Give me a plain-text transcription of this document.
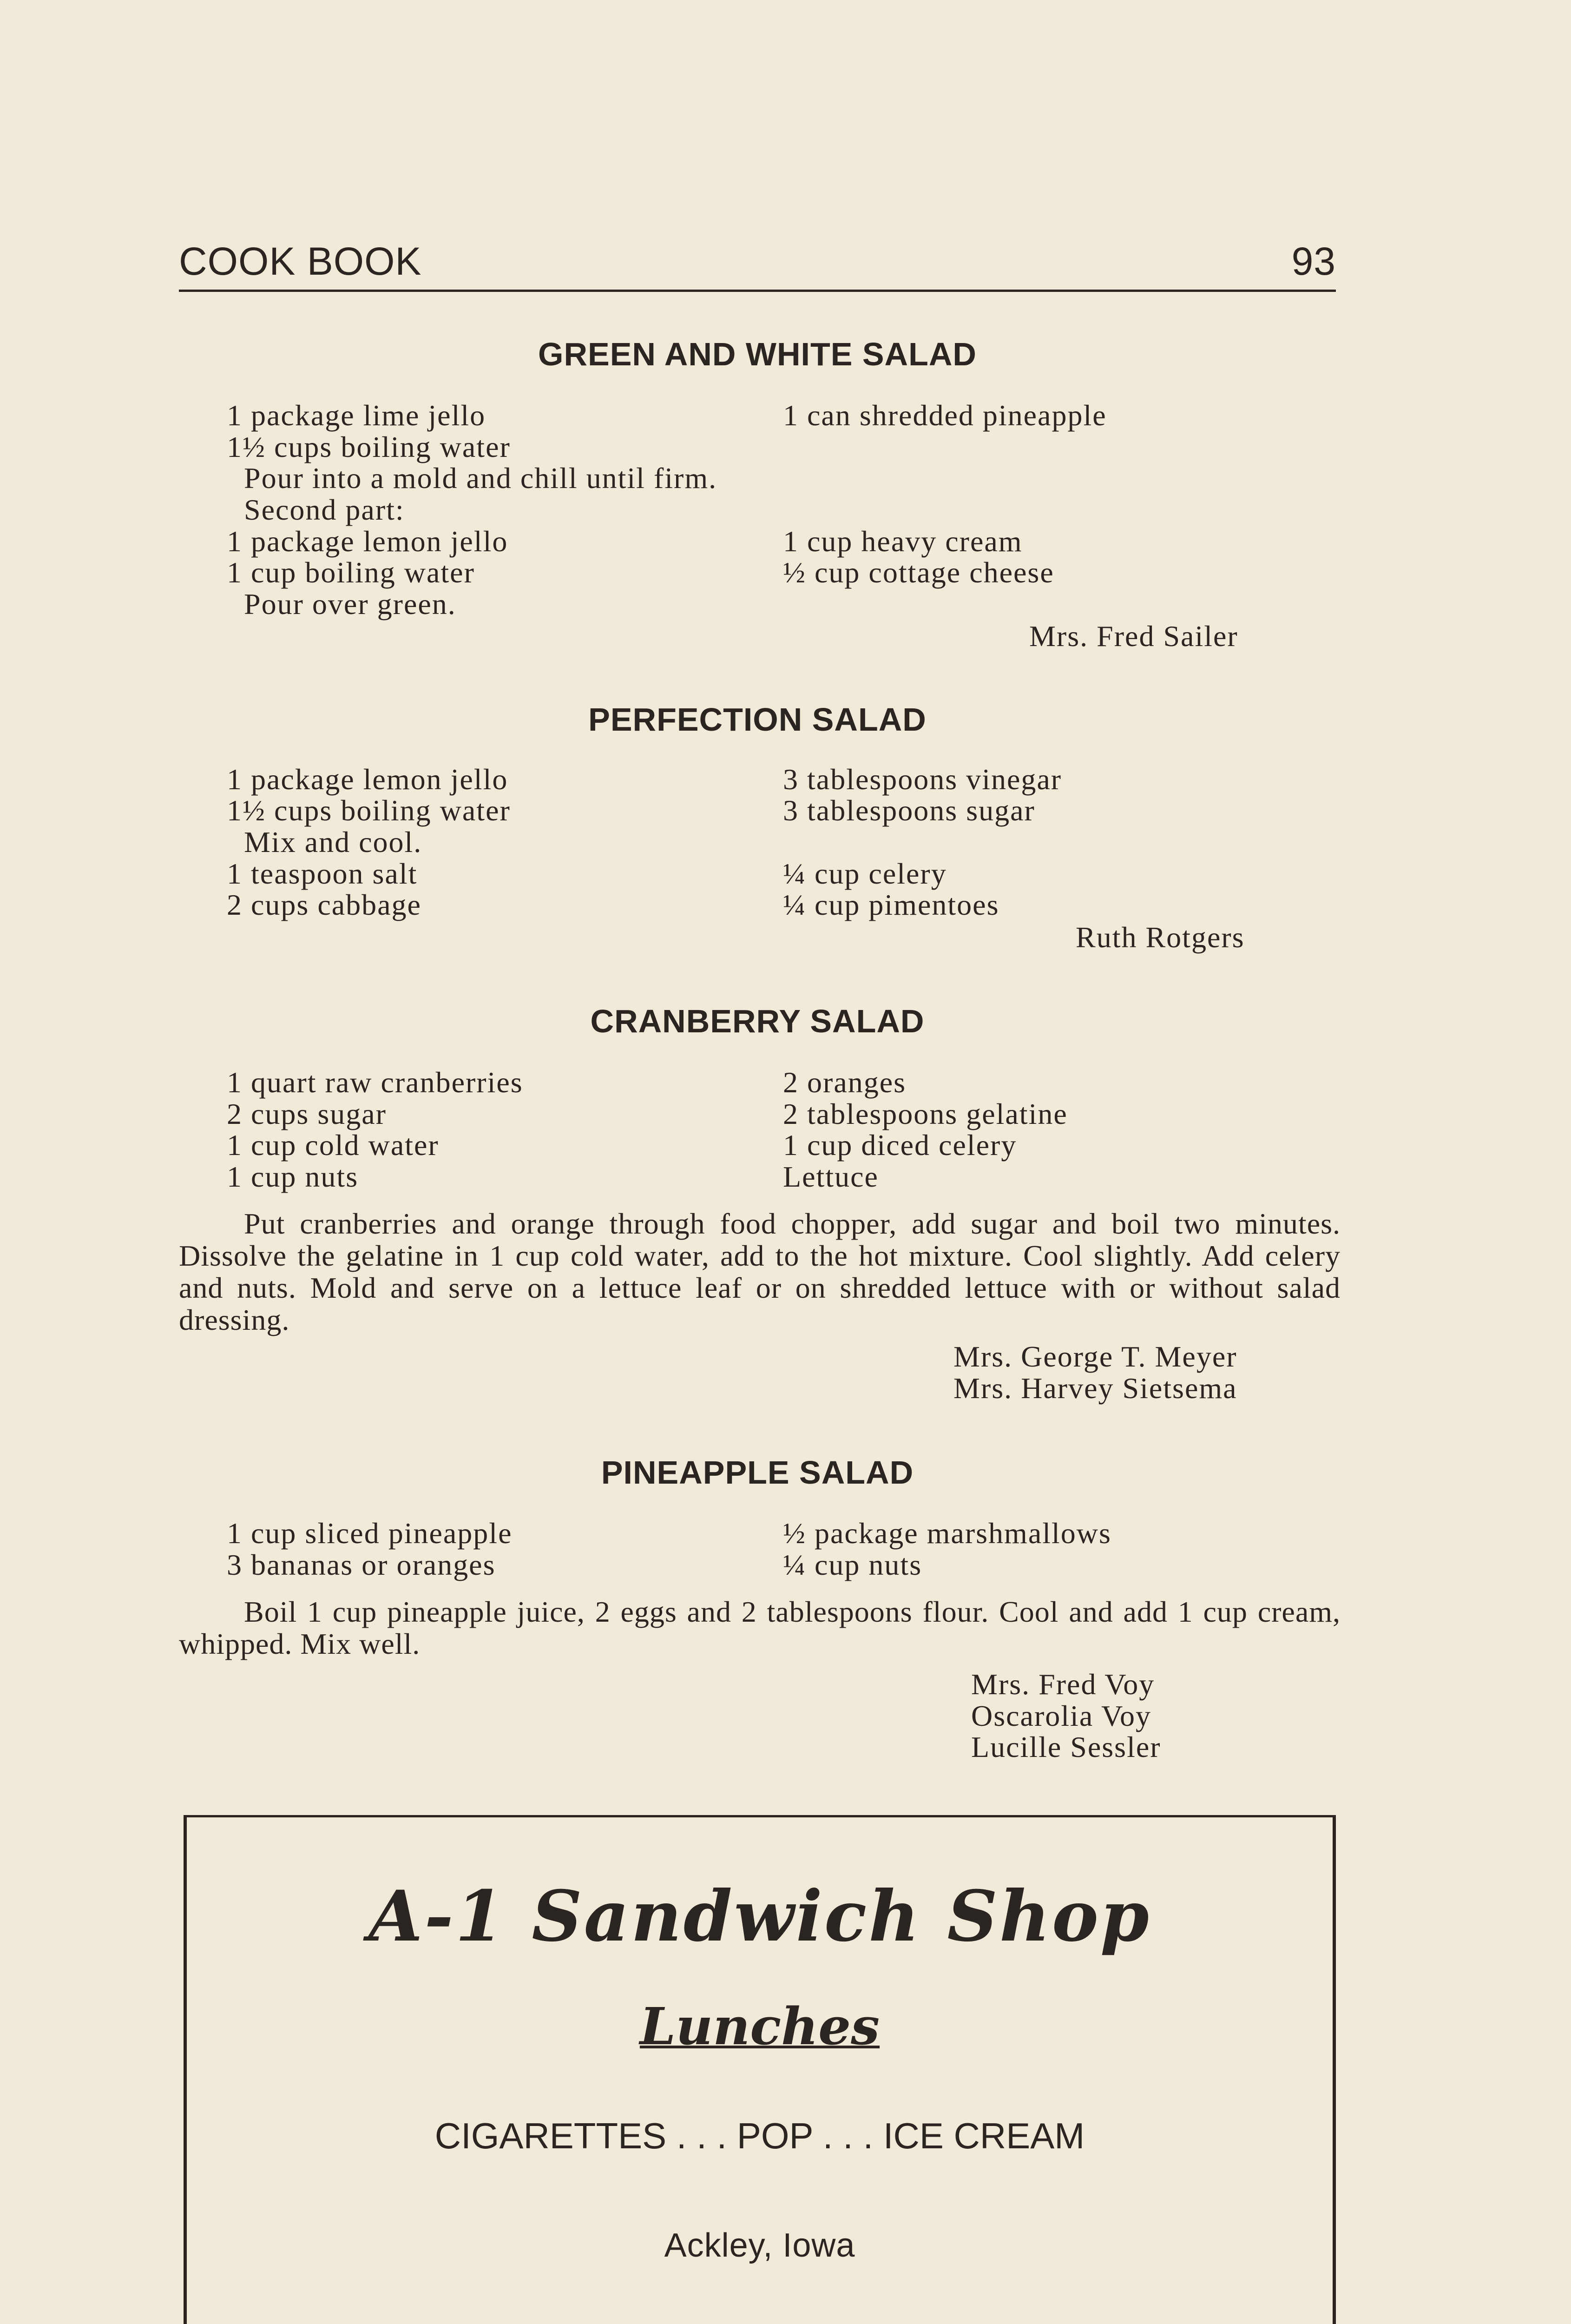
COOK BOOK	93
GREEN AND WHITE SALAD
1 package lime jello	1 can shredded pineapple
1½ cups boiling water
Pour into a mold and chill until firm.
Second part:
1 package lemon jello	1 cup heavy cream
1 cup boiling water	½ cup cottage cheese
Pour over green.
Mrs. Fred Sailer
PERFECTION SALAD
1 package lemon jello	3 tablespoons vinegar
1½ cups boiling water	3 tablespoons sugar
Mix and cool.
1 teaspoon salt	¼ cup celery
2 cups cabbage	¼ cup pimentoes
Ruth Rotgers
CRANBERRY SALAD
1 quart raw cranberries	2 oranges
2 cups sugar	2 tablespoons gelatine
1 cup cold water	1 cup diced celery
1 cup nuts	Lettuce
Put cranberries and orange through food chopper, add sugar and boil two minutes. Dissolve the gelatine in 1 cup cold water, add to the hot mixture. Cool slightly. Add celery and nuts. Mold and serve on a lettuce leaf or on shredded lettuce with or without salad dressing.
Mrs. George T. Meyer
Mrs. Harvey Sietsema
PINEAPPLE SALAD
1 cup sliced pineapple	½ package marshmallows
3 bananas or oranges	¼ cup nuts
Boil 1 cup pineapple juice, 2 eggs and 2 tablespoons flour. Cool and add 1 cup cream, whipped. Mix well.
Mrs. Fred Voy
Oscarolia Voy
Lucille Sessler
A-1 Sandwich Shop
Lunches
CIGARETTES . . . POP . . . ICE CREAM
Ackley, Iowa
